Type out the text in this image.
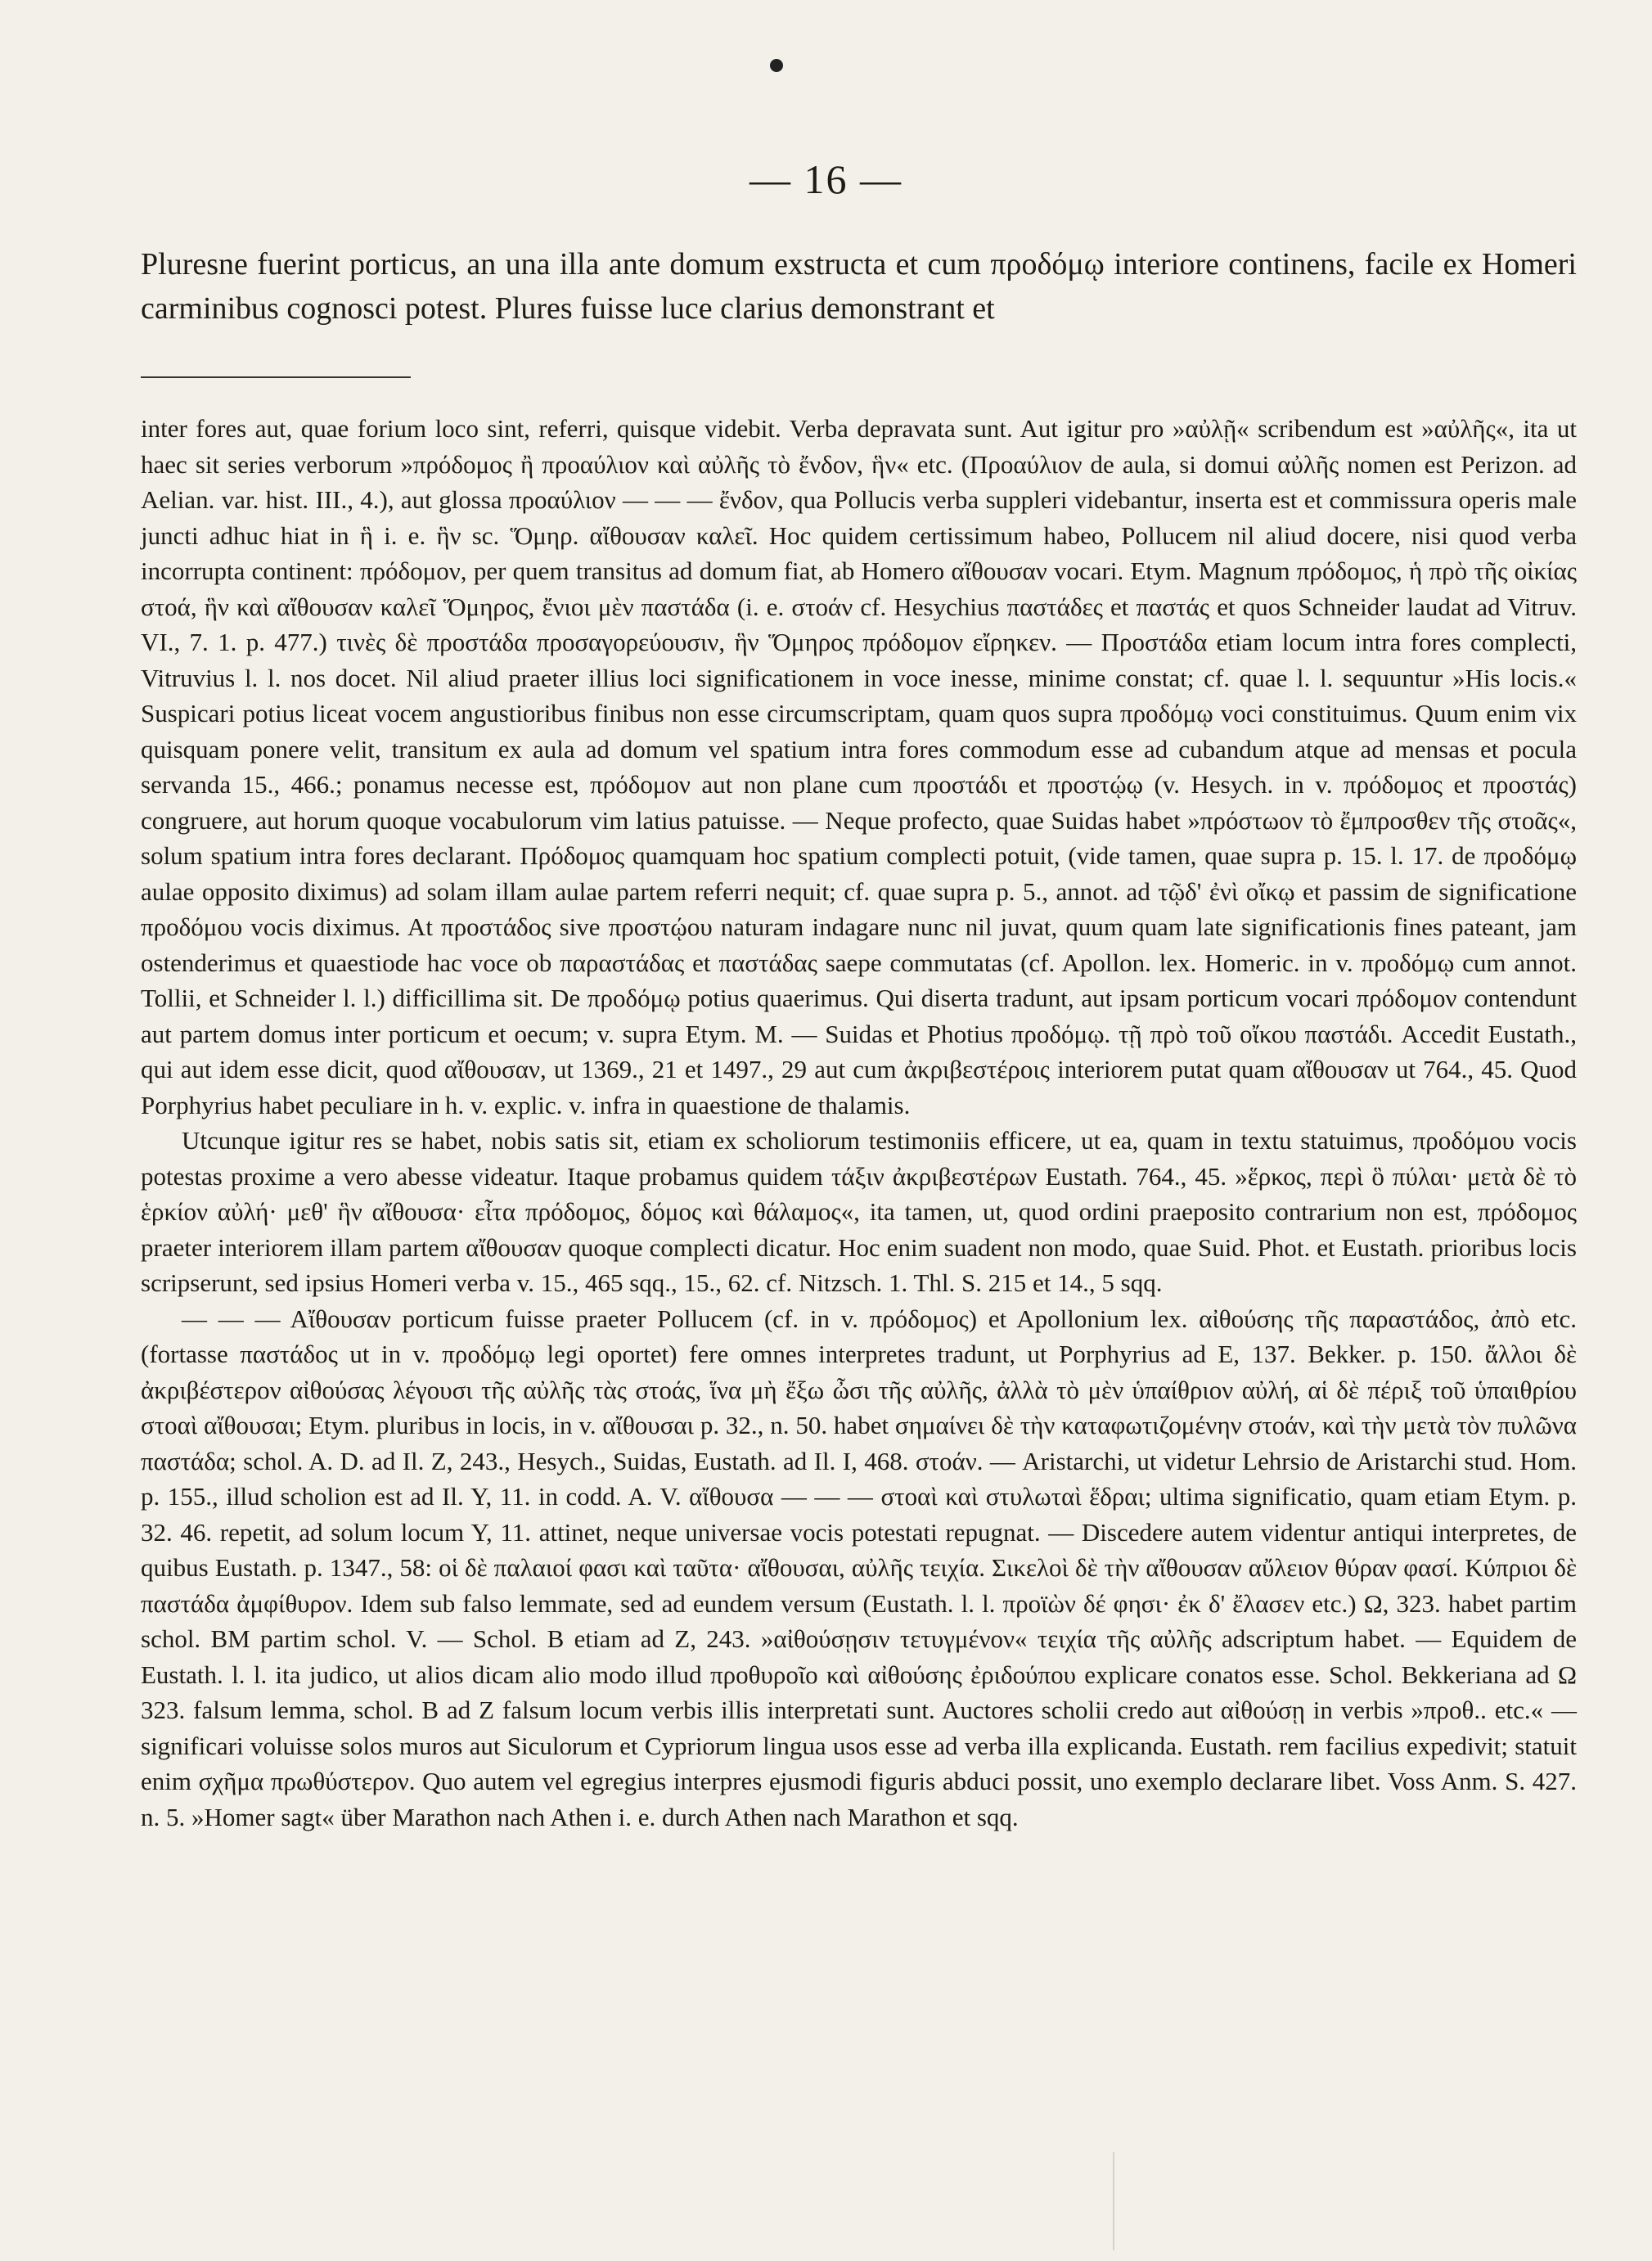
— 16 —

Pluresne fuerint porticus, an una illa ante domum exstructa et cum προδόμῳ interiore continens, facile ex Homeri carminibus cognosci potest. Plures fuisse luce clarius demonstrant et

inter fores aut, quae forium loco sint, referri, quisque videbit. Verba depravata sunt. Aut igitur pro »αὐλῇ« scribendum est »αὐλῆς«, ita ut haec sit series verborum »πρόδομος ἢ προαύλιον καὶ αὐλῆς τὸ ἔνδον, ἣν« etc. (Προαύλιον de aula, si domui αὐλῆς nomen est Perizon. ad Aelian. var. hist. III., 4.), aut glossa προαύλιον — — — ἔνδον, qua Pollucis verba suppleri videbantur, inserta est et commissura operis male juncti adhuc hiat in ἣ i. e. ἣν sc. Ὅμηρ. αἴθουσαν καλεῖ. Hoc quidem certissimum habeo, Pollucem nil aliud docere, nisi quod verba incorrupta continent: πρόδομον, per quem transitus ad domum fiat, ab Homero αἴθουσαν vocari. Etym. Magnum πρόδομος, ἡ πρὸ τῆς οἰκίας στοά, ἣν καὶ αἴθουσαν καλεῖ Ὅμηρος, ἔνιοι μὲν παστάδα (i. e. στοάν cf. Hesychius παστάδες et παστάς et quos Schneider laudat ad Vitruv. VI., 7. 1. p. 477.) τινὲς δὲ προστάδα προσαγορεύουσιν, ἣν Ὅμηρος πρόδομον εἴρηκεν. — Προστάδα etiam locum intra fores complecti, Vitruvius l. l. nos docet. Nil aliud praeter illius loci significationem in voce inesse, minime constat; cf. quae l. l. sequuntur »His locis.« Suspicari potius liceat vocem angustioribus finibus non esse circumscriptam, quam quos supra προδόμῳ voci constituimus. Quum enim vix quisquam ponere velit, transitum ex aula ad domum vel spatium intra fores commodum esse ad cubandum atque ad mensas et pocula servanda 15., 466.; ponamus necesse est, πρόδομον aut non plane cum προστάδι et προστῴῳ (v. Hesych. in v. πρόδομος et προστάς) congruere, aut horum quoque vocabulorum vim latius patuisse. — Neque profecto, quae Suidas habet »πρόστωον τὸ ἔμπροσθεν τῆς στοᾶς«, solum spatium intra fores declarant. Πρόδομος quamquam hoc spatium complecti potuit, (vide tamen, quae supra p. 15. l. 17. de προδόμῳ aulae opposito diximus) ad solam illam aulae partem referri nequit; cf. quae supra p. 5., annot. ad τῷδ' ἐνὶ οἴκῳ et passim de significatione προδόμου vocis diximus. At προστάδος sive προστῴου naturam indagare nunc nil juvat, quum quam late significationis fines pateant, jam ostenderimus et quaestiode hac voce ob παραστάδας et παστάδας saepe commutatas (cf. Apollon. lex. Homeric. in v. προδόμῳ cum annot. Tollii, et Schneider l. l.) difficillima sit. De προδόμῳ potius quaerimus. Qui diserta tradunt, aut ipsam porticum vocari πρόδομον contendunt aut partem domus inter porticum et oecum; v. supra Etym. M. — Suidas et Photius προδόμῳ. τῇ πρὸ τοῦ οἴκου παστάδι. Accedit Eustath., qui aut idem esse dicit, quod αἴθουσαν, ut 1369., 21 et 1497., 29 aut cum ἀκριβεστέροις interiorem putat quam αἴθουσαν ut 764., 45. Quod Porphyrius habet peculiare in h. v. explic. v. infra in quaestione de thalamis.

Utcunque igitur res se habet, nobis satis sit, etiam ex scholiorum testimoniis efficere, ut ea, quam in textu statuimus, προδόμου vocis potestas proxime a vero abesse videatur. Itaque probamus quidem τάξιν ἀκριβεστέρων Eustath. 764., 45. »ἕρκος, περὶ ὃ πύλαι· μετὰ δὲ τὸ ἑρκίον αὐλή· μεθ' ἣν αἴθουσα· εἶτα πρόδομος, δόμος καὶ θάλαμος«, ita tamen, ut, quod ordini praeposito contrarium non est, πρόδομος praeter interiorem illam partem αἴθουσαν quoque complecti dicatur. Hoc enim suadent non modo, quae Suid. Phot. et Eustath. prioribus locis scripserunt, sed ipsius Homeri verba v. 15., 465 sqq., 15., 62. cf. Nitzsch. 1. Thl. S. 215 et 14., 5 sqq.

— — — Αἴθουσαν porticum fuisse praeter Pollucem (cf. in v. πρόδομος) et Apollonium lex. αἰθούσης τῆς παραστάδος, ἀπὸ etc. (fortasse παστάδος ut in v. προδόμῳ legi oportet) fere omnes interpretes tradunt, ut Porphyrius ad E, 137. Bekker. p. 150. ἄλλοι δὲ ἀκριβέστερον αἰθούσας λέγουσι τῆς αὐλῆς τὰς στοάς, ἵνα μὴ ἔξω ὦσι τῆς αὐλῆς, ἀλλὰ τὸ μὲν ὑπαίθριον αὐλή, αἱ δὲ πέριξ τοῦ ὑπαιθρίου στοαὶ αἴθουσαι; Etym. pluribus in locis, in v. αἴθουσαι p. 32., n. 50. habet σημαίνει δὲ τὴν καταφωτιζομένην στοάν, καὶ τὴν μετὰ τὸν πυλῶνα παστάδα; schol. A. D. ad Il. Z, 243., Hesych., Suidas, Eustath. ad Il. I, 468. στοάν. — Aristarchi, ut videtur Lehrsio de Aristarchi stud. Hom. p. 155., illud scholion est ad Il. Y, 11. in codd. A. V. αἴθουσα — — — στοαὶ καὶ στυλωταὶ ἕδραι; ultima significatio, quam etiam Etym. p. 32. 46. repetit, ad solum locum Y, 11. attinet, neque universae vocis potestati repugnat. — Discedere autem videntur antiqui interpretes, de quibus Eustath. p. 1347., 58: οἱ δὲ παλαιοί φασι καὶ ταῦτα· αἴθουσαι, αὐλῆς τειχία. Σικελοὶ δὲ τὴν αἴθουσαν αὔλειον θύραν φασί. Κύπριοι δὲ παστάδα ἀμφίθυρον. Idem sub falso lemmate, sed ad eundem versum (Eustath. l. l. προϊὼν δέ φησι· ἐκ δ' ἔλασεν etc.) Ω, 323. habet partim schol. BM partim schol. V. — Schol. B etiam ad Z, 243. »αἰθούσῃσιν τετυγμένον« τειχία τῆς αὐλῆς adscriptum habet. — Equidem de Eustath. l. l. ita judico, ut alios dicam alio modo illud προθυροῖο καὶ αἰθούσης ἐριδούπου explicare conatos esse. Schol. Bekkeriana ad Ω 323. falsum lemma, schol. B ad Z falsum locum verbis illis interpretati sunt. Auctores scholii credo aut αἰθούσῃ in verbis »προθ.. etc.« — significari voluisse solos muros aut Siculorum et Cypriorum lingua usos esse ad verba illa explicanda. Eustath. rem facilius expedivit; statuit enim σχῆμα πρωθύστερον. Quo autem vel egregius interpres ejusmodi figuris abduci possit, uno exemplo declarare libet. Voss Anm. S. 427. n. 5. »Homer sagt« über Marathon nach Athen i. e. durch Athen nach Marathon et sqq.
